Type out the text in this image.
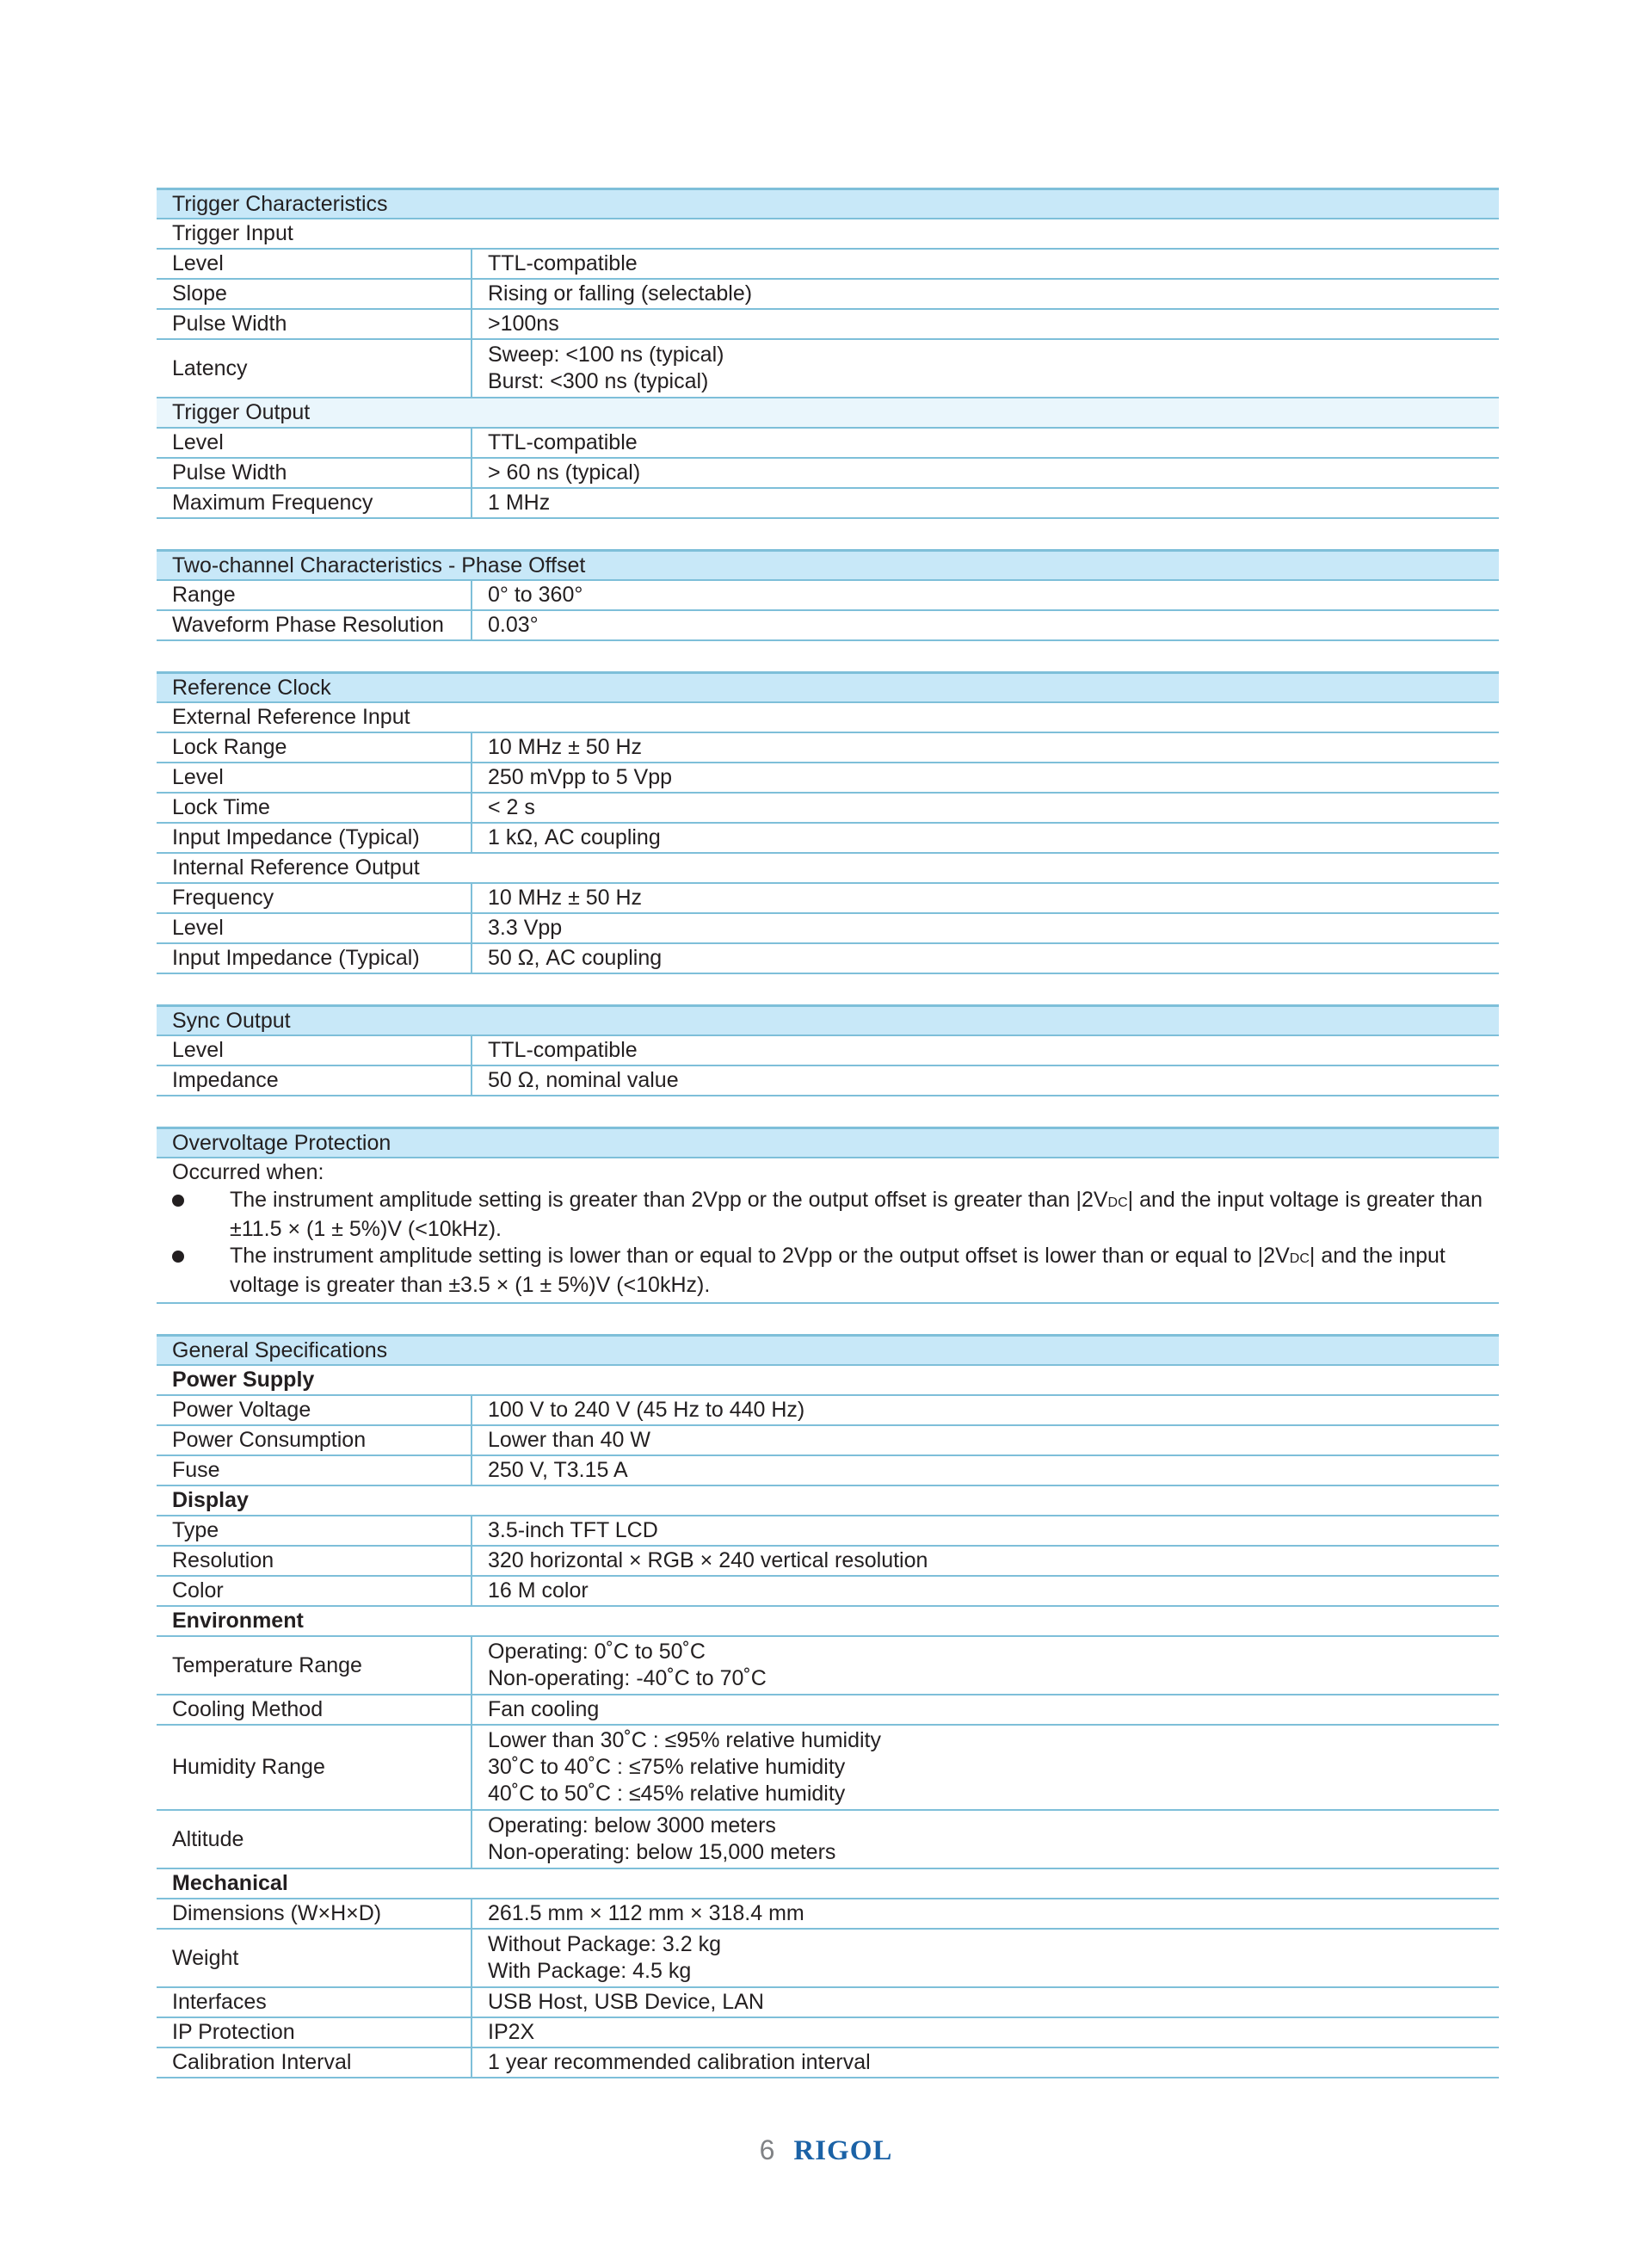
Trigger Characteristics	
Trigger Input	
Level	TTL-compatible
Slope	Rising or falling (selectable)
Pulse Width	>100ns
Latency	Sweep: <100 ns (typical)
Burst: <300 ns (typical)

Trigger Output	
Level	TTL-compatible
Pulse Width	> 60 ns (typical)
Maximum Frequency	1 MHz
Two-channel Characteristics - Phase Offset	
Range	0° to 360°
Waveform Phase Resolution	0.03°
Reference Clock	
External Reference Input	
Lock Range	10 MHz ± 50 Hz
Level	250 mVpp to 5 Vpp
Lock Time	< 2 s
Input Impedance (Typical)	1 kΩ, AC coupling
Internal Reference Output	
Frequency	10 MHz ± 50 Hz
Level	3.3 Vpp
Input Impedance (Typical)	50 Ω, AC coupling
Sync Output	
Level	TTL-compatible
Impedance	50 Ω, nominal value
Overvoltage Protection
Occurred when:
The instrument amplitude setting is greater than 2Vpp or the output offset is greater than |2VDC| and the input voltage is greater than ±11.5 × (1 ± 5%)V (<10kHz).
The instrument amplitude setting is lower than or equal to 2Vpp or the output offset is lower than or equal to |2VDC| and the input voltage is greater than ±3.5 × (1 ± 5%)V (<10kHz).
General Specifications	
Power Supply	
Power Voltage	100 V to 240 V (45 Hz to 440 Hz)
Power Consumption	Lower than 40 W
Fuse	250 V, T3.15 A
Display	
Type	3.5-inch TFT LCD
Resolution	320 horizontal × RGB × 240 vertical resolution
Color	16 M color
Environment	
Temperature Range	Operating: 0˚C to 50˚C
Non-operating: -40˚C to 70˚C

Cooling Method	Fan cooling
Humidity Range	Lower than 30˚C : ≤95% relative humidity
30˚C to 40˚C : ≤75% relative humidity
40˚C to 50˚C : ≤45% relative humidity

Altitude	Operating: below 3000 meters
Non-operating: below 15,000 meters

Mechanical	
Dimensions (W×H×D)	261.5 mm × 112 mm × 318.4 mm
Weight	Without Package: 3.2 kg
With Package: 4.5 kg

Interfaces	USB Host, USB Device, LAN
IP Protection	IP2X
Calibration Interval	1 year recommended calibration interval
6 RIGOL
